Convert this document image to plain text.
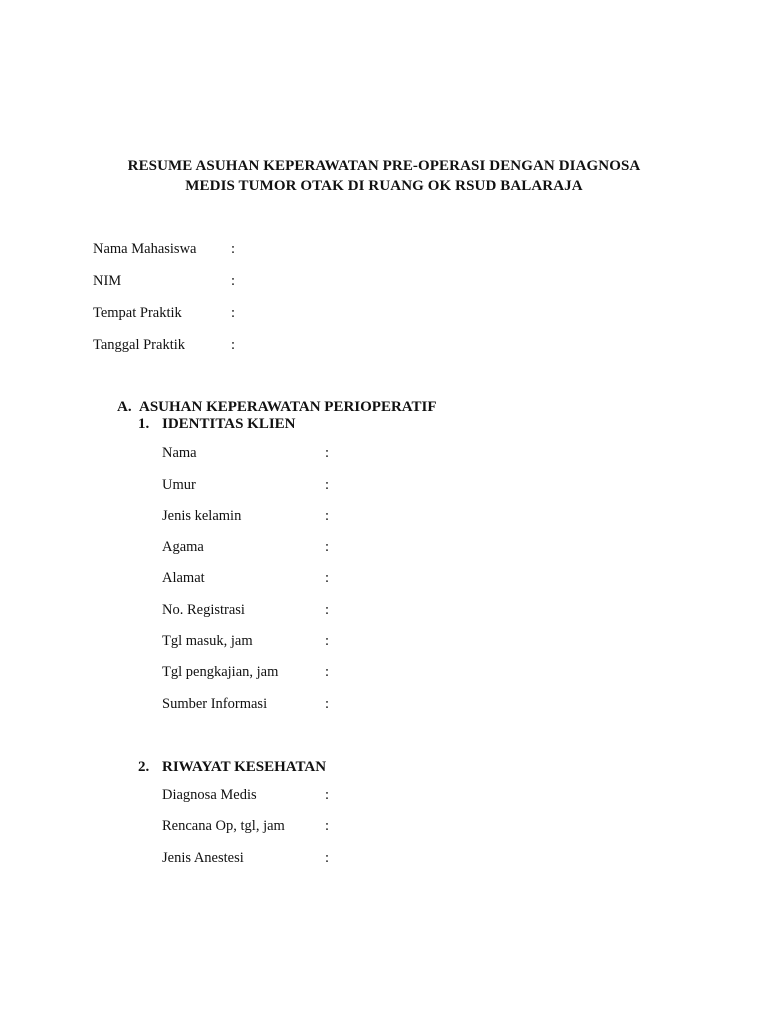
RESUME ASUHAN KEPERAWATAN PRE-OPERASI DENGAN DIAGNOSA
MEDIS TUMOR OTAK DI RUANG OK RSUD BALARAJA
Nama Mahasiswa :
NIM	:
Tempat Praktik	:
Tanggal Praktik	:
A. ASUHAN KEPERAWATAN PERIOPERATIF
1. IDENTITAS KLIEN
Nama	:
Umur	:
Jenis kelamin	:
Agama	:
Alamat	:
No. Registrasi	:
Tgl masuk, jam	:
Tgl pengkajian, jam	:
Sumber Informasi	:
2. RIWAYAT KESEHATAN
Diagnosa Medis	:
Rencana Op, tgl, jam	:
Jenis Anestesi	:
